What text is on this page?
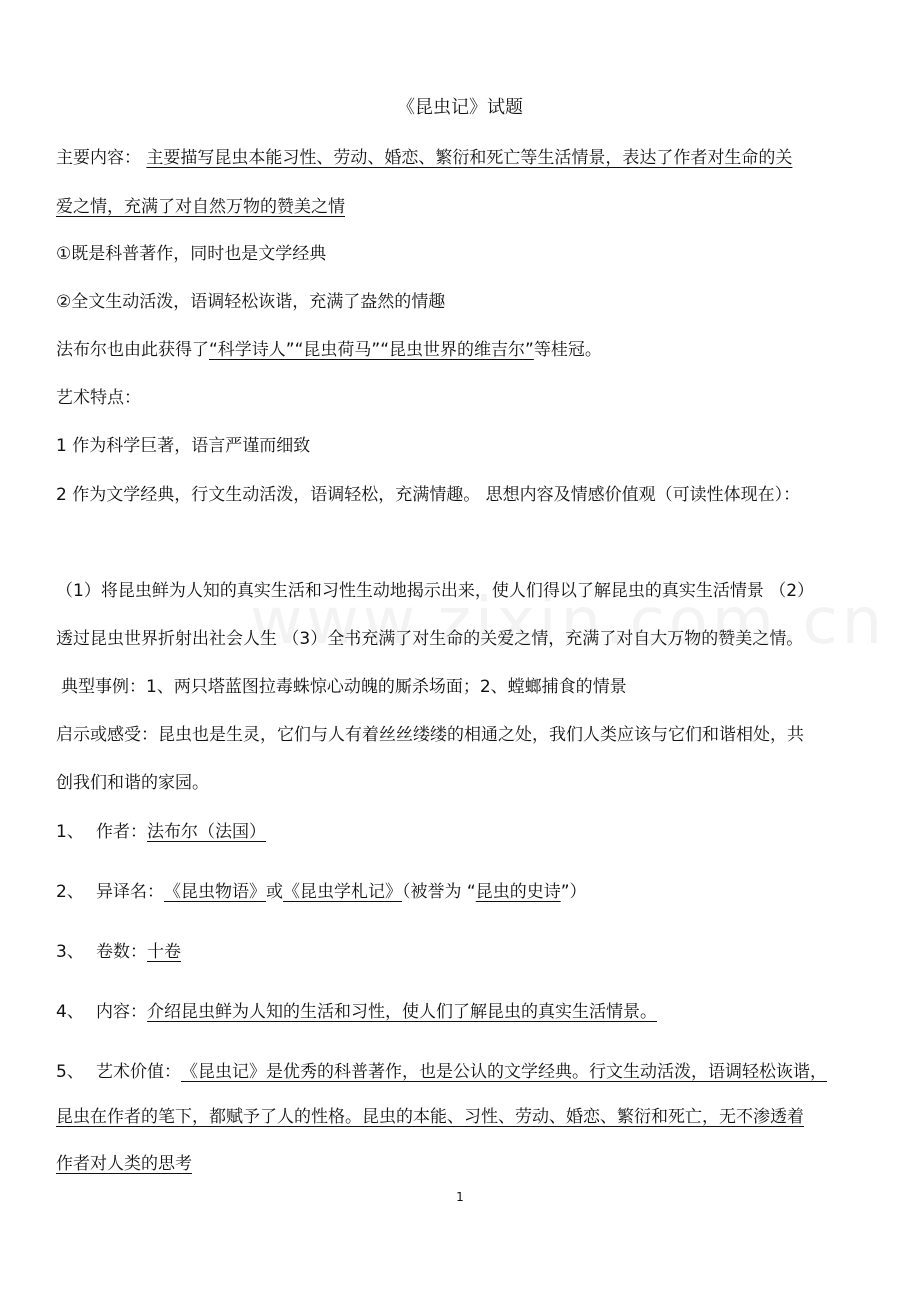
《昆虫记》试题
主要内容： 主要描写昆虫本能习性、劳动、婚恋、繁衍和死亡等生活情景，表达了作者对生命的关
爱之情，充满了对自然万物的赞美之情
①既是科普著作，同时也是文学经典
②全文生动活泼，语调轻松诙谐，充满了盎然的情趣
法布尔也由此获得了“科学诗人”“昆虫荷马”“昆虫世界的维吉尔”等桂冠。
艺术特点：
1 作为科学巨著，语言严谨而细致
2 作为文学经典，行文生动活泼，语调轻松，充满情趣。 思想内容及情感价值观（可读性体现在）：
（1）将昆虫鲜为人知的真实生活和习性生动地揭示出来，使人们得以了解昆虫的真实生活情景 （2）
透过昆虫世界折射出社会人生 （3）全书充满了对生命的关爱之情，充满了对自大万物的赞美之情。
典型事例：1、两只塔蓝图拉毒蛛惊心动魄的厮杀场面；2、螳螂捕食的情景
启示或感受：昆虫也是生灵，它们与人有着丝丝缕缕的相通之处，我们人类应该与它们和谐相处，共
创我们和谐的家园。
1、 作者：法布尔（法国）
2、 异译名：《昆虫物语》或《昆虫学札记》（被誉为 “昆虫的史诗”）
3、 卷数：十卷
4、 内容：介绍昆虫鲜为人知的生活和习性，使人们了解昆虫的真实生活情景。
5、 艺术价值：《昆虫记》是优秀的科普著作，也是公认的文学经典。行文生动活泼，语调轻松诙谐，
昆虫在作者的笔下，都赋予了人的性格。昆虫的本能、习性、劳动、婚恋、繁衍和死亡，无不渗透着
作者对人类的思考
1
